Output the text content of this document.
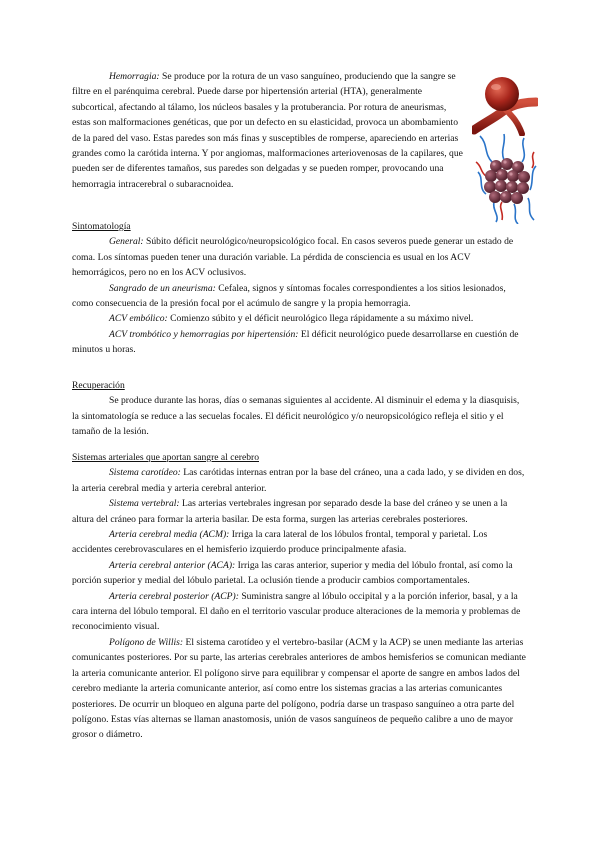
Hemorragia: Se produce por la rotura de un vaso sanguíneo, produciendo que la sangre se filtre en el parénquima cerebral. Puede darse por hipertensión arterial (HTA), generalmente subcortical, afectando al tálamo, los núcleos basales y la protuberancia. Por rotura de aneurismas, estas son malformaciones genéticas, que por un defecto en su elasticidad, provoca un abombamiento de la pared del vaso. Estas paredes son más finas y susceptibles de romperse, apareciendo en arterias grandes como la carótida interna. Y por angiomas, malformaciones arteriovenosas de la capilares, que pueden ser de diferentes tamaños, sus paredes son delgadas y se pueden romper, provocando una hemorragia intracerebral o subaracnoidea.

Sintomatología

General: Súbito déficit neurológico/neuropsicológico focal. En casos severos puede generar un estado de coma. Los síntomas pueden tener una duración variable. La pérdida de consciencia es usual en los ACV hemorrágicos, pero no en los ACV oclusivos.

Sangrado de un aneurisma: Cefalea, signos y síntomas focales correspondientes a los sitios lesionados, como consecuencia de la presión focal por el acúmulo de sangre y la propia hemorragia.

ACV embólico: Comienzo súbito y el déficit neurológico llega rápidamente a su máximo nivel.

ACV trombótico y hemorragias por hipertensión: El déficit neurológico puede desarrollarse en cuestión de minutos u horas.

Recuperación

Se produce durante las horas, días o semanas siguientes al accidente. Al disminuir el edema y la diasquisis, la sintomatología se reduce a las secuelas focales. El déficit neurológico y/o neuropsicológico refleja el sitio y el tamaño de la lesión.

Sistemas arteriales que aportan sangre al cerebro

Sistema carotídeo: Las carótidas internas entran por la base del cráneo, una a cada lado, y se dividen en dos, la arteria cerebral media y arteria cerebral anterior.

Sistema vertebral: Las arterias vertebrales ingresan por separado desde la base del cráneo y se unen a la altura del cráneo para formar la arteria basilar. De esta forma, surgen las arterias cerebrales posteriores.

Arteria cerebral media (ACM): Irriga la cara lateral de los lóbulos frontal, temporal y parietal. Los accidentes cerebrovasculares en el hemisferio izquierdo produce principalmente afasia.

Arteria cerebral anterior (ACA): Irriga las caras anterior, superior y media del lóbulo frontal, así como la porción superior y medial del lóbulo parietal. La oclusión tiende a producir cambios comportamentales.

Arteria cerebral posterior (ACP): Suministra sangre al lóbulo occipital y a la porción inferior, basal, y a la cara interna del lóbulo temporal. El daño en el territorio vascular produce alteraciones de la memoria y problemas de reconocimiento visual.

Polígono de Willis: El sistema carotídeo y el vertebro-basilar (ACM y la ACP) se unen mediante las arterias comunicantes posteriores. Por su parte, las arterias cerebrales anteriores de ambos hemisferios se comunican mediante la arteria comunicante anterior. El polígono sirve para equilibrar y compensar el aporte de sangre en ambos lados del cerebro mediante la arteria comunicante anterior, así como entre los sistemas gracias a las arterias comunicantes posteriores. De ocurrir un bloqueo en alguna parte del polígono, podría darse un traspaso sanguíneo a otra parte del polígono. Estas vías alternas se llaman anastomosis, unión de vasos sanguíneos de pequeño calibre a uno de mayor grosor o diámetro.
